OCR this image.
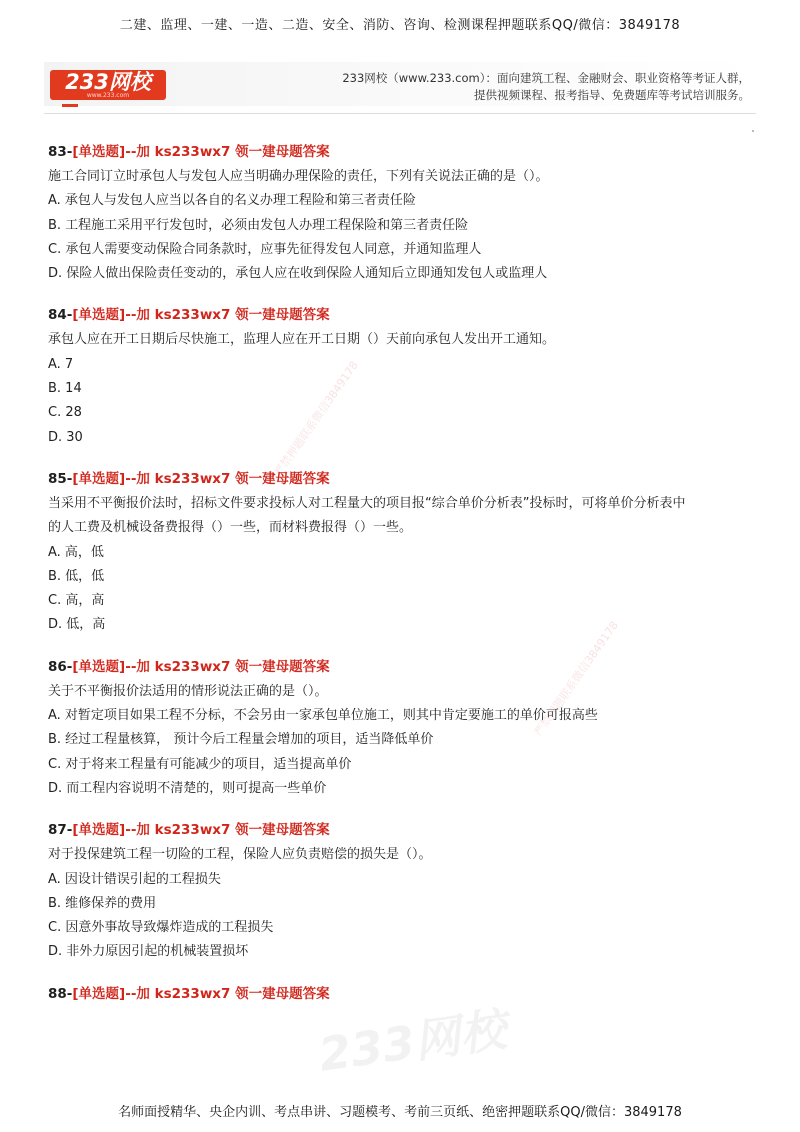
二建、监理、一建、一造、二造、安全、消防、咨询、检测课程押题联系QQ/微信：3849178
233网校
www.233.com
233网校（www.233.com）：面向建筑工程、金融财会、职业资格等考证人群，
提供视频课程、报考指导、免费题库等考试培训服务。
83-[单选题]--加 ks233wx7 领一建母题答案
施工合同订立时承包人与发包人应当明确办理保险的责任，下列有关说法正确的是（）。
A. 承包人与发包人应当以各自的名义办理工程险和第三者责任险
B. 工程施工采用平行发包时，必须由发包人办理工程保险和第三者责任险
C. 承包人需要变动保险合同条款时，应事先征得发包人同意，并通知监理人
D. 保险人做出保险责任变动的，承包人应在收到保险人通知后立即通知发包人或监理人
84-[单选题]--加 ks233wx7 领一建母题答案
承包人应在开工日期后尽快施工，监理人应在开工日期（）天前向承包人发出开工通知。
A. 7
B. 14
C. 28
D. 30
85-[单选题]--加 ks233wx7 领一建母题答案
当采用不平衡报价法时，招标文件要求投标人对工程量大的项目报“综合单价分析表”投标时，可将单价分析表中
的人工费及机械设备费报得（）一些，而材料费报得（）一些。
A. 高，低
B. 低，低
C. 高，高
D. 低，高
86-[单选题]--加 ks233wx7 领一建母题答案
关于不平衡报价法适用的情形说法正确的是（）。
A. 对暂定项目如果工程不分标，不会另由一家承包单位施工，则其中肯定要施工的单价可报高些
B. 经过工程量核算， 预计今后工程量会增加的项目，适当降低单价
C. 对于将来工程量有可能减少的项目，适当提高单价
D. 而工程内容说明不清楚的，则可提高一些单价
87-[单选题]--加 ks233wx7 领一建母题答案
对于投保建筑工程一切险的工程，保险人应负责赔偿的损失是（）。
A. 因设计错误引起的工程损失
B. 维修保养的费用
C. 因意外事故导致爆炸造成的工程损失
D. 非外力原因引起的机械装置损坏
88-[单选题]--加 ks233wx7 领一建母题答案
严禁押题联系微信3849178
严禁押题联系微信3849178
233网校
名师面授精华、央企内训、考点串讲、习题模考、考前三页纸、绝密押题联系QQ/微信：3849178
